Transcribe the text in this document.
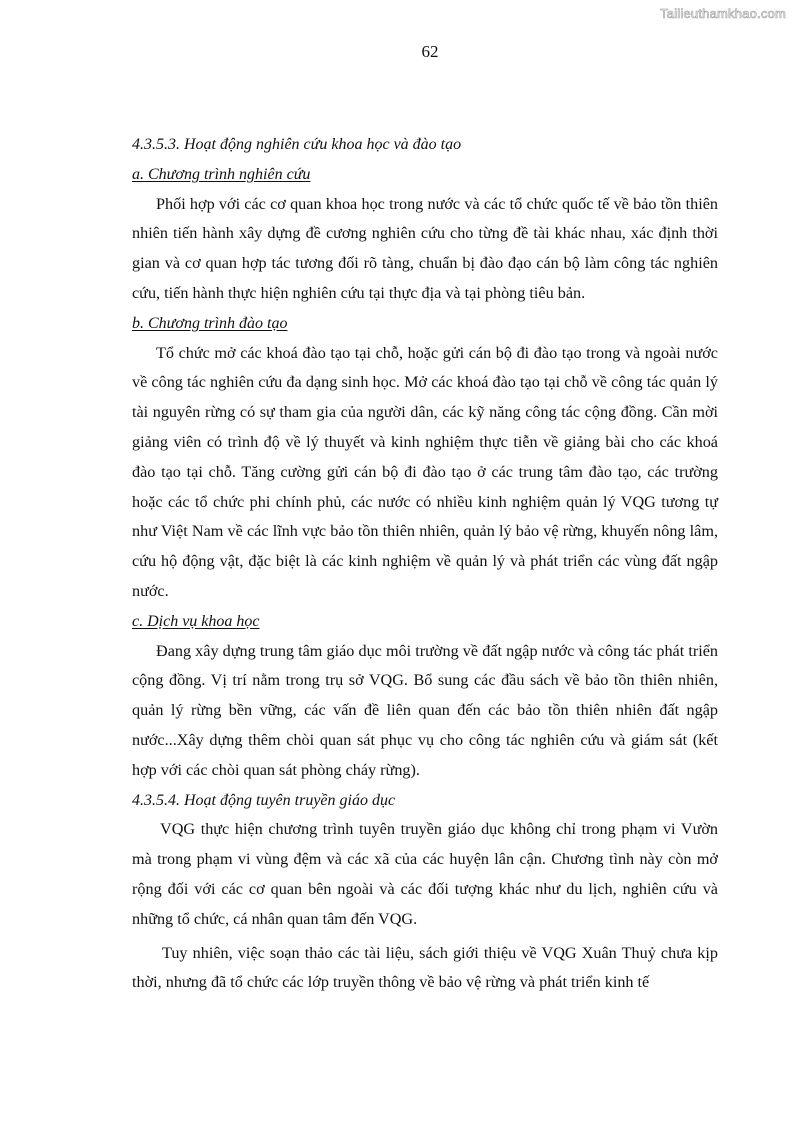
Tailieuthamkhao.com
62

4.3.5.3. Hoạt động nghiên cứu khoa học và đào tạo

a. Chương trình nghiên cứu

Phối hợp với các cơ quan khoa học trong nước và các tổ chức quốc tế về bảo tồn thiên nhiên tiến hành xây dựng đề cương nghiên cứu cho từng đề tài khác nhau, xác định thời gian và cơ quan hợp tác tương đối rõ tàng, chuẩn bị đào đạo cán bộ làm công tác nghiên cứu, tiến hành thực hiện nghiên cứu tại thực địa và tại phòng tiêu bản.

b. Chương trình đào tạo

Tổ chức mở các khoá đào tạo tại chỗ, hoặc gửi cán bộ đi đào tạo trong và ngoài nước về công tác nghiên cứu đa dạng sinh học. Mở các khoá đào tạo tại chỗ về công tác quản lý tài nguyên rừng có sự tham gia của người dân, các kỹ năng công tác cộng đồng. Cần mời giảng viên có trình độ về lý thuyết và kinh nghiệm thực tiễn về giảng bài cho các khoá đào tạo tại chỗ. Tăng cường gửi cán bộ đi đào tạo ở các trung tâm đào tạo, các trường hoặc các tổ chức phi chính phủ, các nước có nhiều kinh nghiệm quản lý VQG tương tự như Việt Nam về các lĩnh vực bảo tồn thiên nhiên, quản lý bảo vệ rừng, khuyến nông lâm, cứu hộ động vật, đặc biệt là các kinh nghiệm về quản lý và phát triển các vùng đất ngập nước.

c. Dịch vụ khoa học

Đang xây dựng trung tâm giáo dục môi trường về đất ngập nước và công tác phát triển cộng đồng. Vị trí nằm trong trụ sở VQG. Bổ sung các đầu sách về bảo tồn thiên nhiên, quản lý rừng bền vững, các vấn đề liên quan đến các bảo tồn thiên nhiên đất ngập nước...Xây dựng thêm chòi quan sát phục vụ cho công tác nghiên cứu và giám sát (kết hợp với các chòi quan sát phòng cháy rừng).

4.3.5.4. Hoạt động tuyên truyền giáo dục

VQG thực hiện chương trình tuyên truyền giáo dục không chỉ trong phạm vi Vườn mà trong phạm vi vùng đệm và các xã của các huyện lân cận. Chương tình này còn mở rộng đối với các cơ quan bên ngoài và các đối tượng khác như du lịch, nghiên cứu và những tổ chức, cá nhân quan tâm đến VQG.

Tuy nhiên, việc soạn thảo các tài liệu, sách giới thiệu về VQG Xuân Thuỷ chưa kịp thời, nhưng đã tổ chức các lớp truyền thông về bảo vệ rừng và phát triển kinh tế
